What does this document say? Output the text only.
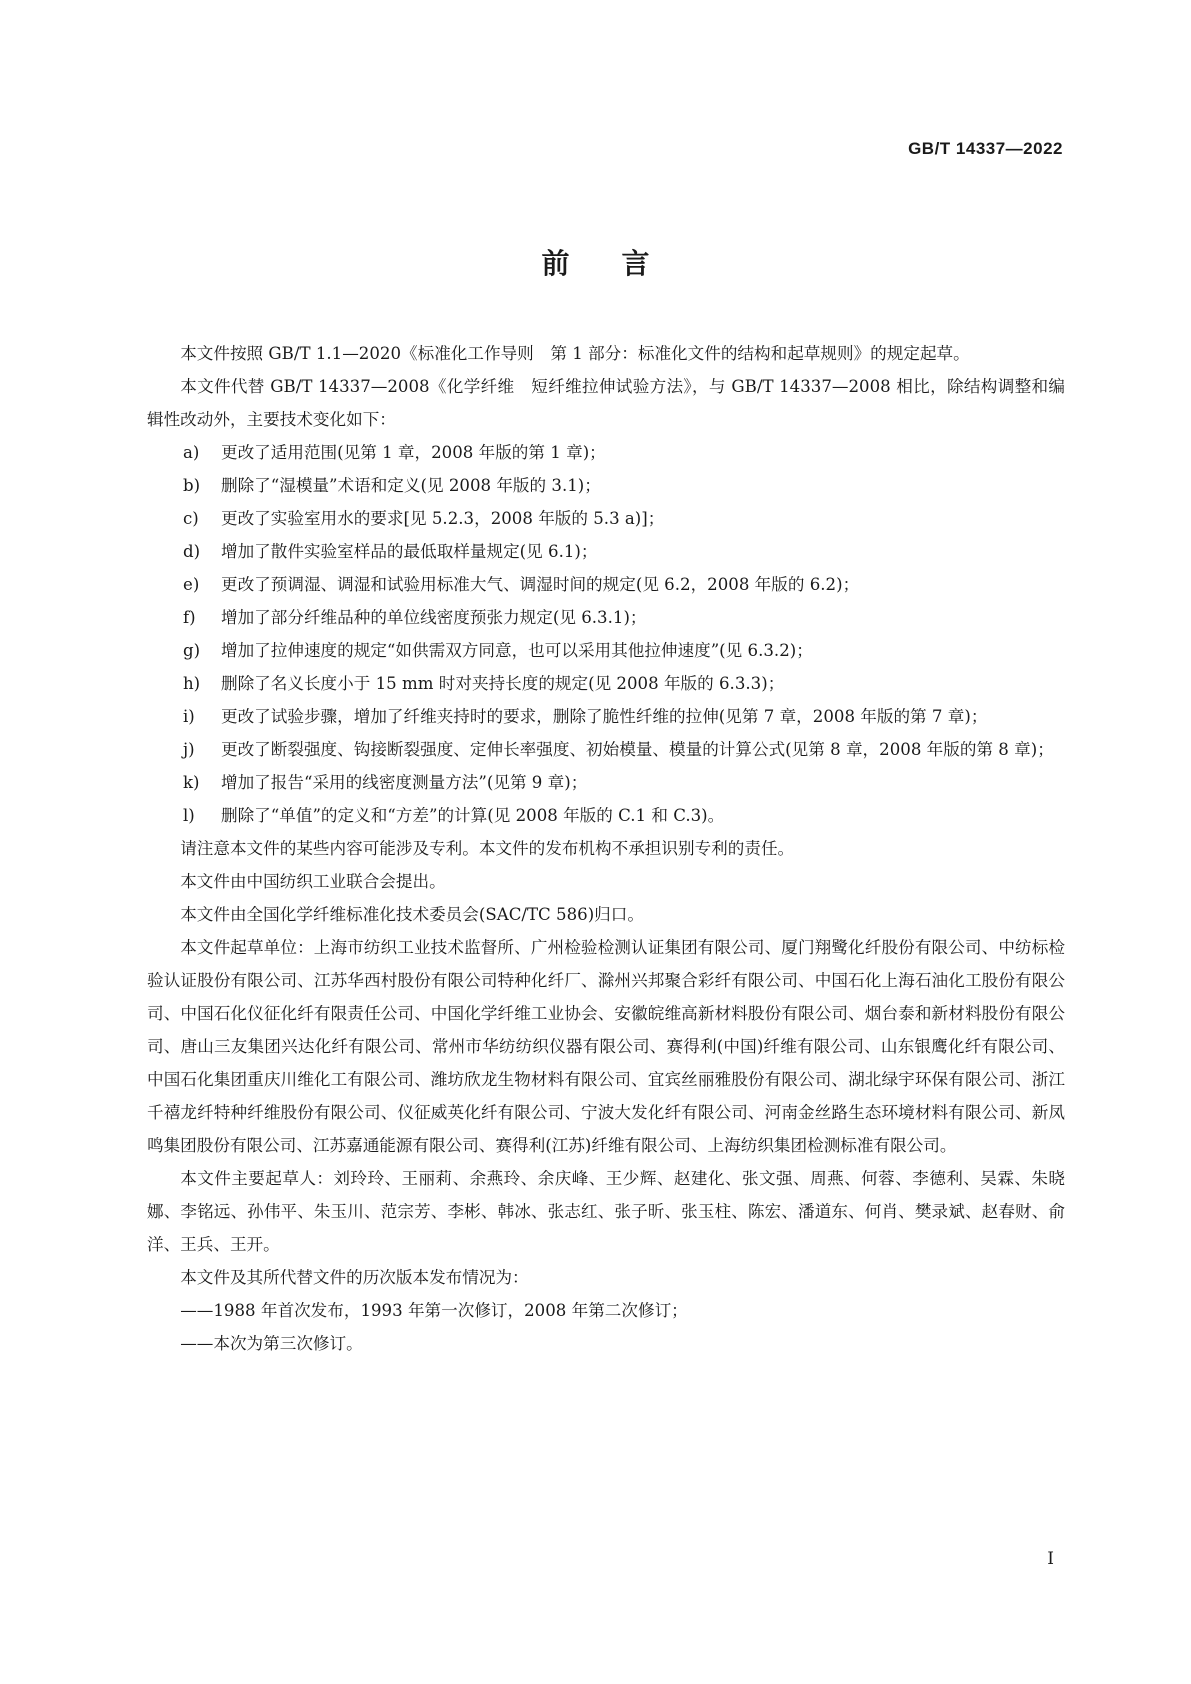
GB/T 14337—2022
前言

本文件按照 GB/T 1.1—2020《标准化工作导则　第 1 部分：标准化文件的结构和起草规则》的规定起草。

本文件代替 GB/T 14337—2008《化学纤维　短纤维拉伸试验方法》，与 GB/T 14337—2008 相比，除结构调整和编辑性改动外，主要技术变化如下：

a)	更改了适用范围(见第 1 章，2008 年版的第 1 章)；
b)	删除了“湿模量”术语和定义(见 2008 年版的 3.1)；
c)	更改了实验室用水的要求[见 5.2.3，2008 年版的 5.3 a)]；
d)	增加了散件实验室样品的最低取样量规定(见 6.1)；
e)	更改了预调湿、调湿和试验用标准大气、调湿时间的规定(见 6.2，2008 年版的 6.2)；
f)	增加了部分纤维品种的单位线密度预张力规定(见 6.3.1)；
g)	增加了拉伸速度的规定“如供需双方同意，也可以采用其他拉伸速度”(见 6.3.2)；
h)	删除了名义长度小于 15 mm 时对夹持长度的规定(见 2008 年版的 6.3.3)；
i)	更改了试验步骤，增加了纤维夹持时的要求，删除了脆性纤维的拉伸(见第 7 章，2008 年版的第 7 章)；
j)	更改了断裂强度、钩接断裂强度、定伸长率强度、初始模量、模量的计算公式(见第 8 章，2008 年版的第 8 章)；
k)	增加了报告“采用的线密度测量方法”(见第 9 章)；
l)	删除了“单值”的定义和“方差”的计算(见 2008 年版的 C.1 和 C.3)。

请注意本文件的某些内容可能涉及专利。本文件的发布机构不承担识别专利的责任。

本文件由中国纺织工业联合会提出。

本文件由全国化学纤维标准化技术委员会(SAC/TC 586)归口。

本文件起草单位：上海市纺织工业技术监督所、广州检验检测认证集团有限公司、厦门翔鹭化纤股份有限公司、中纺标检验认证股份有限公司、江苏华西村股份有限公司特种化纤厂、滁州兴邦聚合彩纤有限公司、中国石化上海石油化工股份有限公司、中国石化仪征化纤有限责任公司、中国化学纤维工业协会、安徽皖维高新材料股份有限公司、烟台泰和新材料股份有限公司、唐山三友集团兴达化纤有限公司、常州市华纺纺织仪器有限公司、赛得利(中国)纤维有限公司、山东银鹰化纤有限公司、中国石化集团重庆川维化工有限公司、潍坊欣龙生物材料有限公司、宜宾丝丽雅股份有限公司、湖北绿宇环保有限公司、浙江千禧龙纤特种纤维股份有限公司、仪征威英化纤有限公司、宁波大发化纤有限公司、河南金丝路生态环境材料有限公司、新凤鸣集团股份有限公司、江苏嘉通能源有限公司、赛得利(江苏)纤维有限公司、上海纺织集团检测标准有限公司。

本文件主要起草人：刘玲玲、王丽莉、余燕玲、余庆峰、王少辉、赵建化、张文强、周燕、何蓉、李德利、吴霖、朱晓娜、李铭远、孙伟平、朱玉川、范宗芳、李彬、韩冰、张志红、张子昕、张玉柱、陈宏、潘道东、何肖、樊录斌、赵春财、俞洋、王兵、王开。

本文件及其所代替文件的历次版本发布情况为：

——1988 年首次发布，1993 年第一次修订，2008 年第二次修订；

——本次为第三次修订。

I
